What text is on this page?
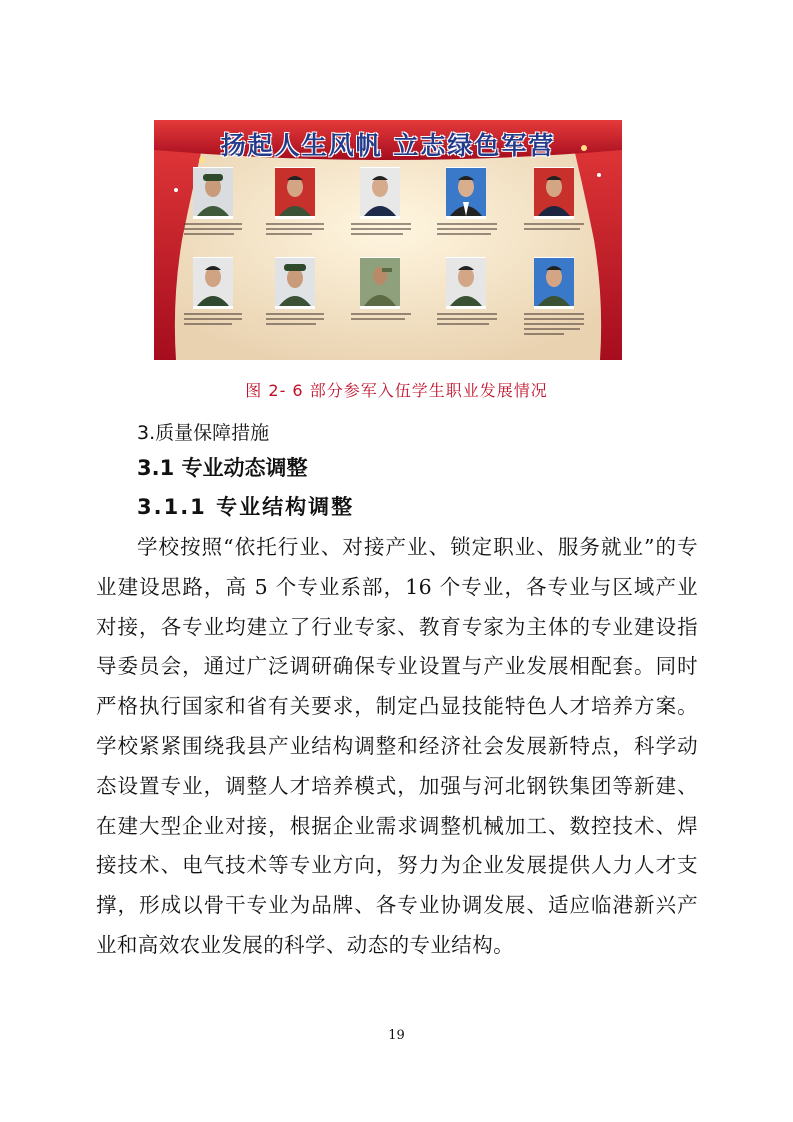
扬起人生风帆 立志绿色军营
图 2- 6 部分参军入伍学生职业发展情况
3.质量保障措施
3.1 专业动态调整
3.1.1 专业结构调整

学校按照“依托行业、对接产业、锁定职业、服务就业”的专业建设思路，高 5 个专业系部，16 个专业，各专业与区域产业对接，各专业均建立了行业专家、教育专家为主体的专业建设指导委员会，通过广泛调研确保专业设置与产业发展相配套。同时严格执行国家和省有关要求，制定凸显技能特色人才培养方案。学校紧紧围绕我县产业结构调整和经济社会发展新特点，科学动态设置专业，调整人才培养模式，加强与河北钢铁集团等新建、在建大型企业对接，根据企业需求调整机械加工、数控技术、焊接技术、电气技术等专业方向，努力为企业发展提供人力人才支撑，形成以骨干专业为品牌、各专业协调发展、适应临港新兴产业和高效农业发展的科学、动态的专业结构。

19
